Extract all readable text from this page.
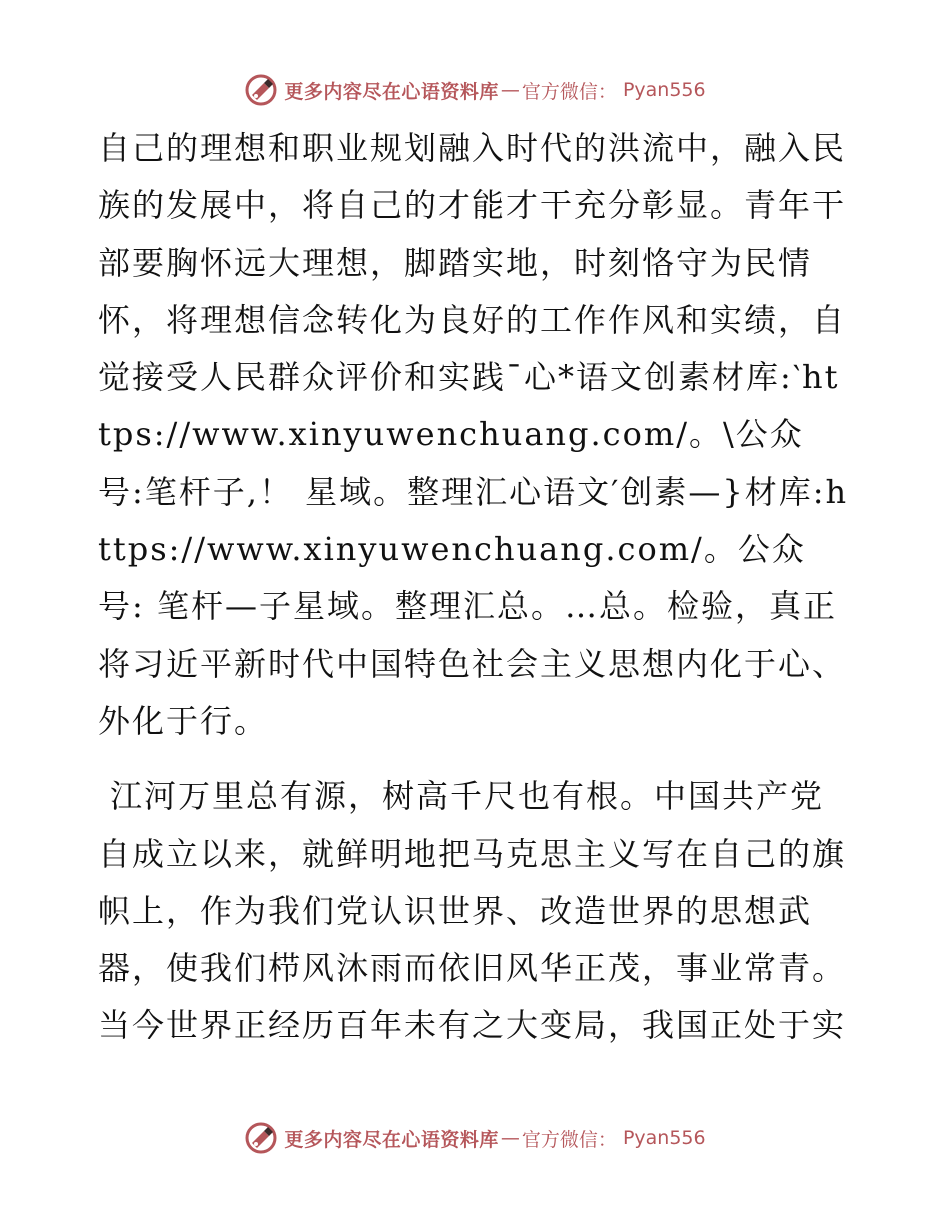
更多内容尽在心语资料库 — 官方微信： Pyan556

自己的理想和职业规划融入时代的洪流中，融入民族的发展中，将自己的才能才干充分彰显。青年干部要胸怀远大理想，脚踏实地，时刻恪守为民情怀，将理想信念转化为良好的工作作风和实绩，自觉接受人民群众评价和实践¯心*语文创素材库:‵https://www.xinyuwenchuang.com/。\公众号:笔杆子,！ 星域。整理汇心语文′创素—}材库:https://www.xinyuwenchuang.com/。公众号: 笔杆—子星域。整理汇总。…总。检验，真正将习近平新时代中国特色社会主义思想内化于心、外化于行。

江河万里总有源，树高千尺也有根。中国共产党自成立以来，就鲜明地把马克思主义写在自己的旗帜上，作为我们党认识世界、改造世界的思想武器，使我们栉风沐雨而依旧风华正茂，事业常青。当今世界正经历百年未有之大变局，我国正处于实

更多内容尽在心语资料库 — 官方微信： Pyan556
